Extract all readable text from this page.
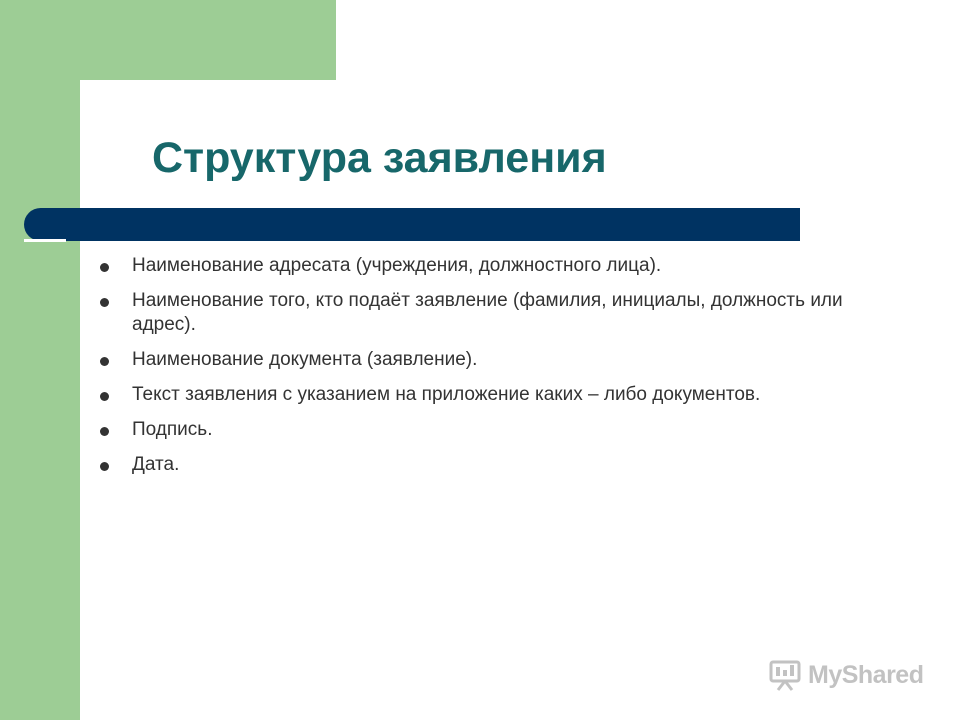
Структура заявления
Наименование адресата (учреждения, должностного лица).
Наименование того, кто подаёт заявление (фамилия, инициалы, должность или адрес).
Наименование документа (заявление).
Текст заявления с указанием на приложение каких – либо документов.
Подпись.
Дата.
MyShared
